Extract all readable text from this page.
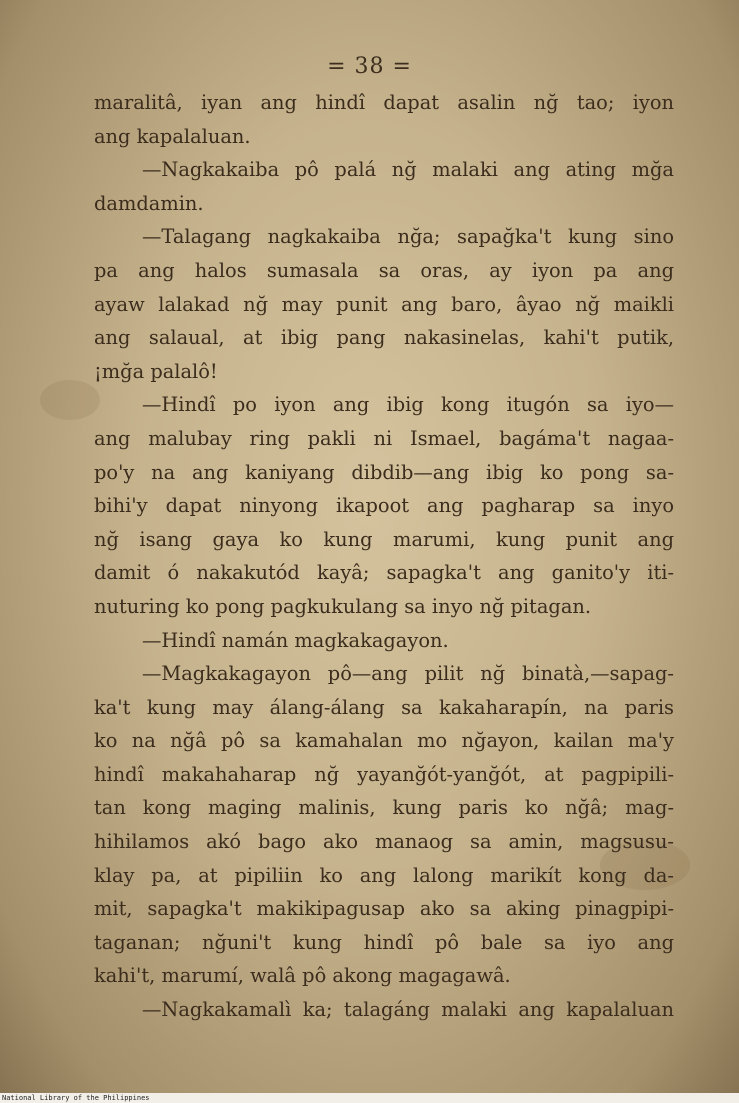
= 38 =
maralitâ, iyan ang hindî dapat asalin nğ tao; iyon
ang kapalaluan.
—Nagkakaiba pô palá nğ malaki ang ating mğa
damdamin.
—Talagang nagkakaiba nğa; sapağka't kung sino
pa ang halos sumasala sa oras, ay iyon pa ang
ayaw lalakad nğ may punit ang baro, âyao nğ maikli
ang salaual, at ibig pang nakasinelas, kahi't putik,
¡mğa palalô!
—Hindî po iyon ang ibig kong itugón sa iyo—
ang malubay ring pakli ni Ismael, bagáma't nagaa-
po'y na ang kaniyang dibdib—ang ibig ko pong sa-
bihi'y dapat ninyong ikapoot ang pagharap sa inyo
nğ isang gaya ko kung marumi, kung punit ang
damit ó nakakutód kayâ; sapagka't ang ganito'y iti-
nuturing ko pong pagkukulang sa inyo nğ pitagan.
—Hindî namán magkakagayon.
—Magkakagayon pô—ang pilit nğ binatà,—sapag-
ka't kung may álang-álang sa kakaharapín, na paris
ko na nğâ pô sa kamahalan mo nğayon, kailan ma'y
hindî makahaharap nğ yayanğót-yanğót, at pagpipili-
tan kong maging malinis, kung paris ko nğâ; mag-
hihilamos akó bago ako manaog sa amin, magsusu-
klay pa, at pipiliin ko ang lalong marikít kong da-
mit, sapagka't makikipagusap ako sa aking pinagpipi-
taganan; nğuni't kung hindî pô bale sa iyo ang
kahi't, marumí, walâ pô akong magagawâ.
—Nagkakamalì ka; talagáng malaki ang kapalaluan
National Library of the Philippines
